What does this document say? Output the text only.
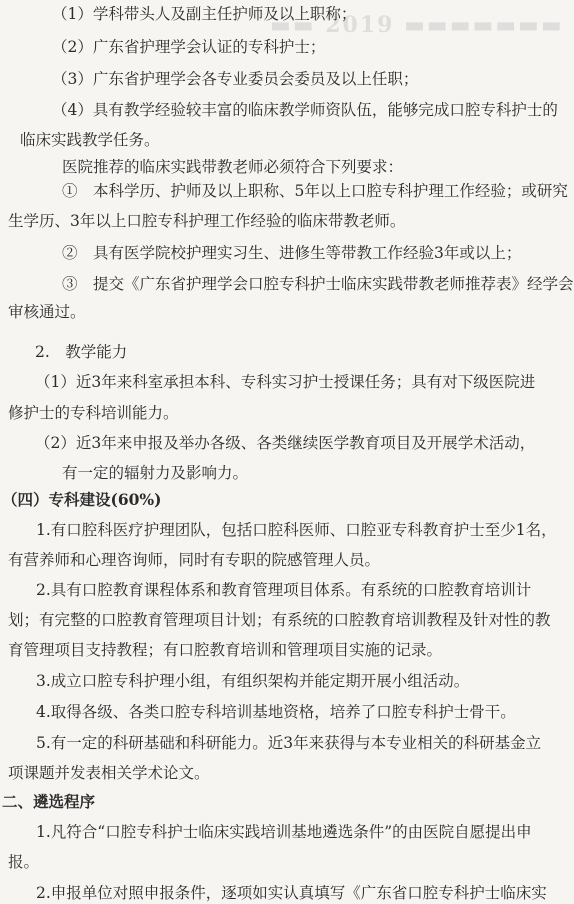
▬▬ 2019 ▬▬▬▬▬▬▬
（1）学科带头人及副主任护师及以上职称；
（2）广东省护理学会认证的专科护士；
（3）广东省护理学会各专业委员会委员及以上任职；
（4）具有教学经验较丰富的临床教学师资队伍，能够完成口腔专科护士的
临床实践教学任务。
医院推荐的临床实践带教老师必须符合下列要求：
①　本科学历、护师及以上职称、5年以上口腔专科护理工作经验；或研究
生学历、3年以上口腔专科护理工作经验的临床带教老师。
②　具有医学院校护理实习生、进修生等带教工作经验3年或以上；
③　提交《广东省护理学会口腔专科护士临床实践带教老师推荐表》经学会
审核通过。
2.　教学能力
（1）近3年来科室承担本科、专科实习护士授课任务；具有对下级医院进
修护士的专科培训能力。
（2）近3年来申报及举办各级、各类继续医学教育项目及开展学术活动，
有一定的辐射力及影响力。
（四）专科建设(60%)
1.有口腔科医疗护理团队，包括口腔科医师、口腔亚专科教育护士至少1名，
有营养师和心理咨询师，同时有专职的院感管理人员。
2.具有口腔教育课程体系和教育管理项目体系。有系统的口腔教育培训计
划；有完整的口腔教育管理项目计划；有系统的口腔教育培训教程及针对性的教
育管理项目支持教程；有口腔教育培训和管理项目实施的记录。
3.成立口腔专科护理小组，有组织架构并能定期开展小组活动。
4.取得各级、各类口腔专科培训基地资格，培养了口腔专科护士骨干。
5.有一定的科研基础和科研能力。近3年来获得与本专业相关的科研基金立
项课题并发表相关学术论文。
二、遴选程序
1.凡符合“口腔专科护士临床实践培训基地遴选条件”的由医院自愿提出申
报。
2.申报单位对照申报条件，逐项如实认真填写《广东省口腔专科护士临床实
